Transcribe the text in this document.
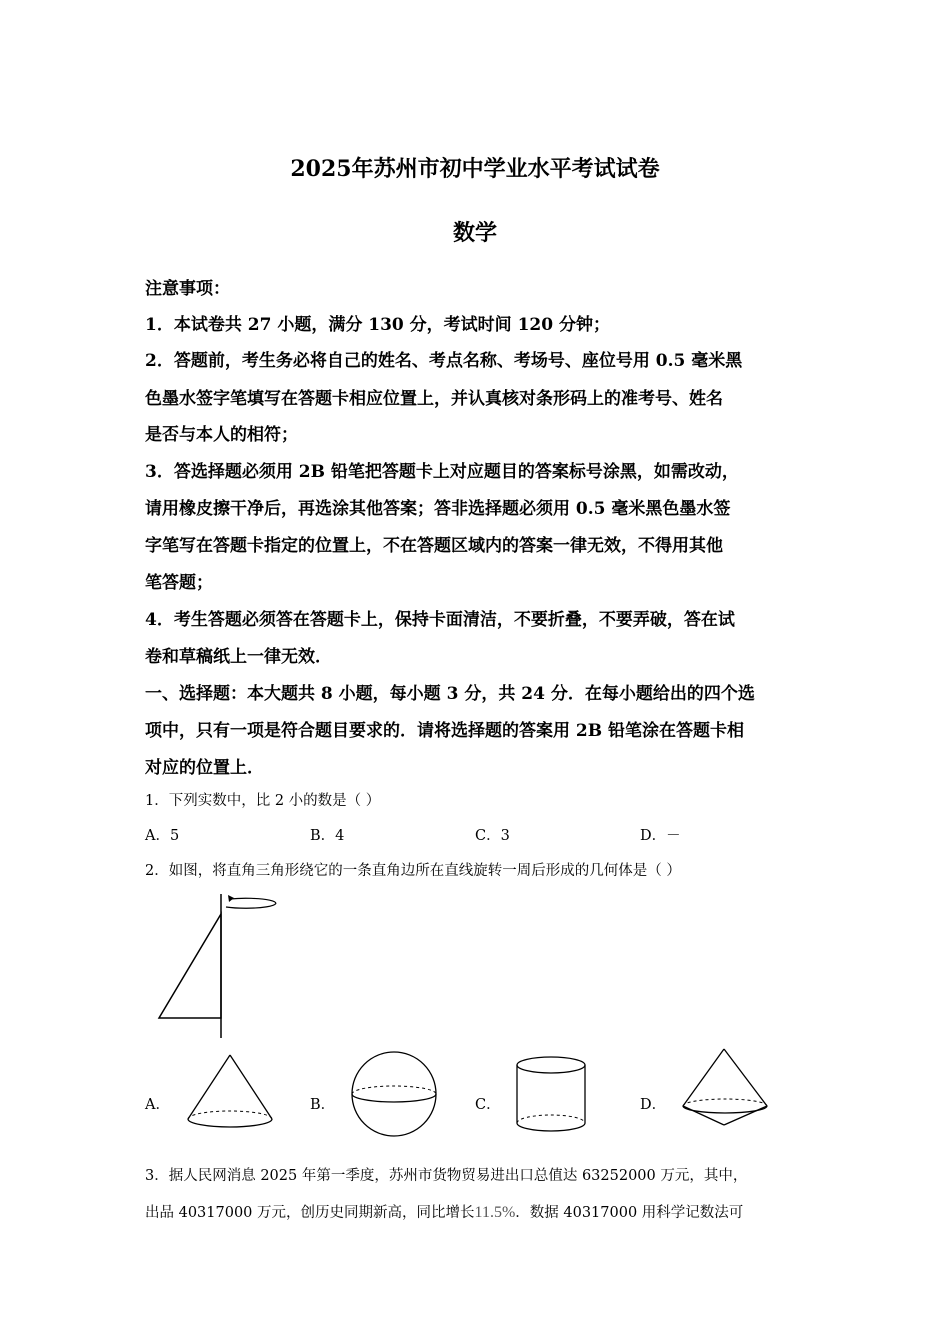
2025年苏州市初中学业水平考试试卷
数学
注意事项：
1．本试卷共 27 小题，满分 130 分，考试时间 120 分钟；
2．答题前，考生务必将自己的姓名、考点名称、考场号、座位号用 0.5 毫米黑
色墨水签字笔填写在答题卡相应位置上，并认真核对条形码上的准考号、姓名
是否与本人的相符；
3．答选择题必须用 2B 铅笔把答题卡上对应题目的答案标号涂黑，如需改动，
请用橡皮擦干净后，再选涂其他答案；答非选择题必须用 0.5 毫米黑色墨水签
字笔写在答题卡指定的位置上，不在答题区域内的答案一律无效，不得用其他
笔答题；
4．考生答题必须答在答题卡上，保持卡面清洁，不要折叠，不要弄破，答在试
卷和草稿纸上一律无效．
一、选择题：本大题共 8 小题，每小题 3 分，共 24 分．在每小题给出的四个选
项中，只有一项是符合题目要求的．请将选择题的答案用 2B 铅笔涂在答题卡相
对应的位置上．
1．下列实数中，比 2 小的数是（ ）
A．5	B．4	C．3	D．－
2．如图，将直角三角形绕它的一条直角边所在直线旋转一周后形成的几何体是（ ）
A．	B．	C．	D．
3．据人民网消息 2025 年第一季度，苏州市货物贸易进出口总值达 63252000 万元，其中，
出品 40317000 万元，创历史同期新高，同比增长11.5%．数据 40317000 用科学记数法可
